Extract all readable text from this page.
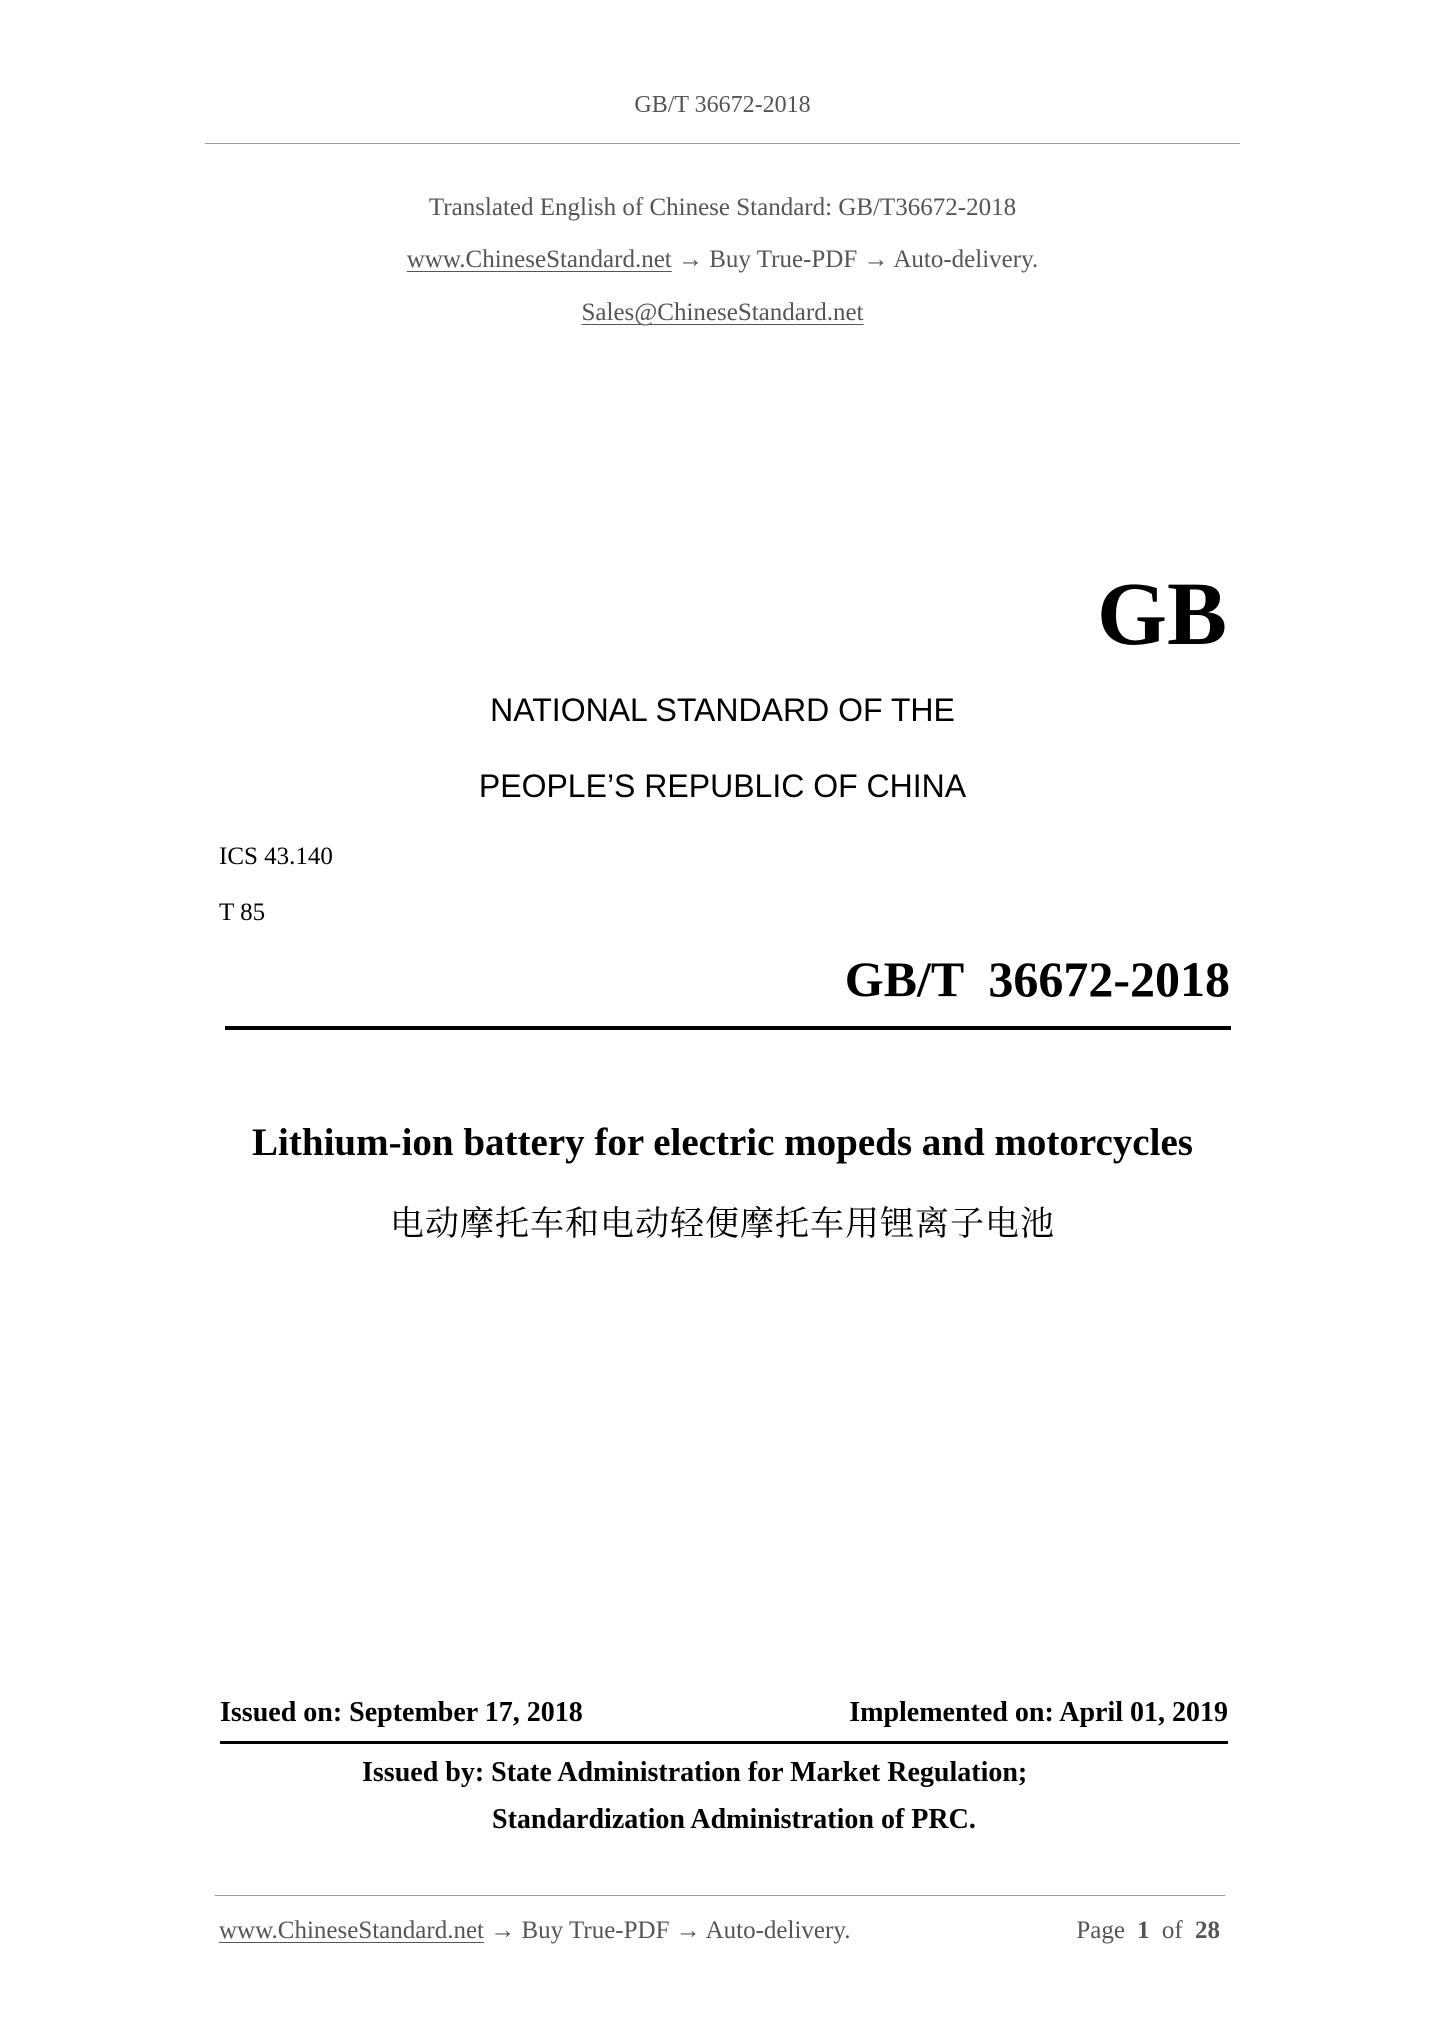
GB/T 36672-2018
Translated English of Chinese Standard: GB/T36672-2018
www.ChineseStandard.net → Buy True-PDF → Auto-delivery.
Sales@ChineseStandard.net
GB
NATIONAL STANDARD OF THE
PEOPLE’S REPUBLIC OF CHINA
ICS 43.140
T 85
GB/T  36672-2018
Lithium-ion battery for electric mopeds and motorcycles
电动摩托车和电动轻便摩托车用锂离子电池
Issued on: September 17, 2018	Implemented on: April 01, 2019
Issued by: State Administration for Market Regulation;
Standardization Administration of PRC.
www.ChineseStandard.net → Buy True-PDF → Auto-delivery.	Page 1 of 28
